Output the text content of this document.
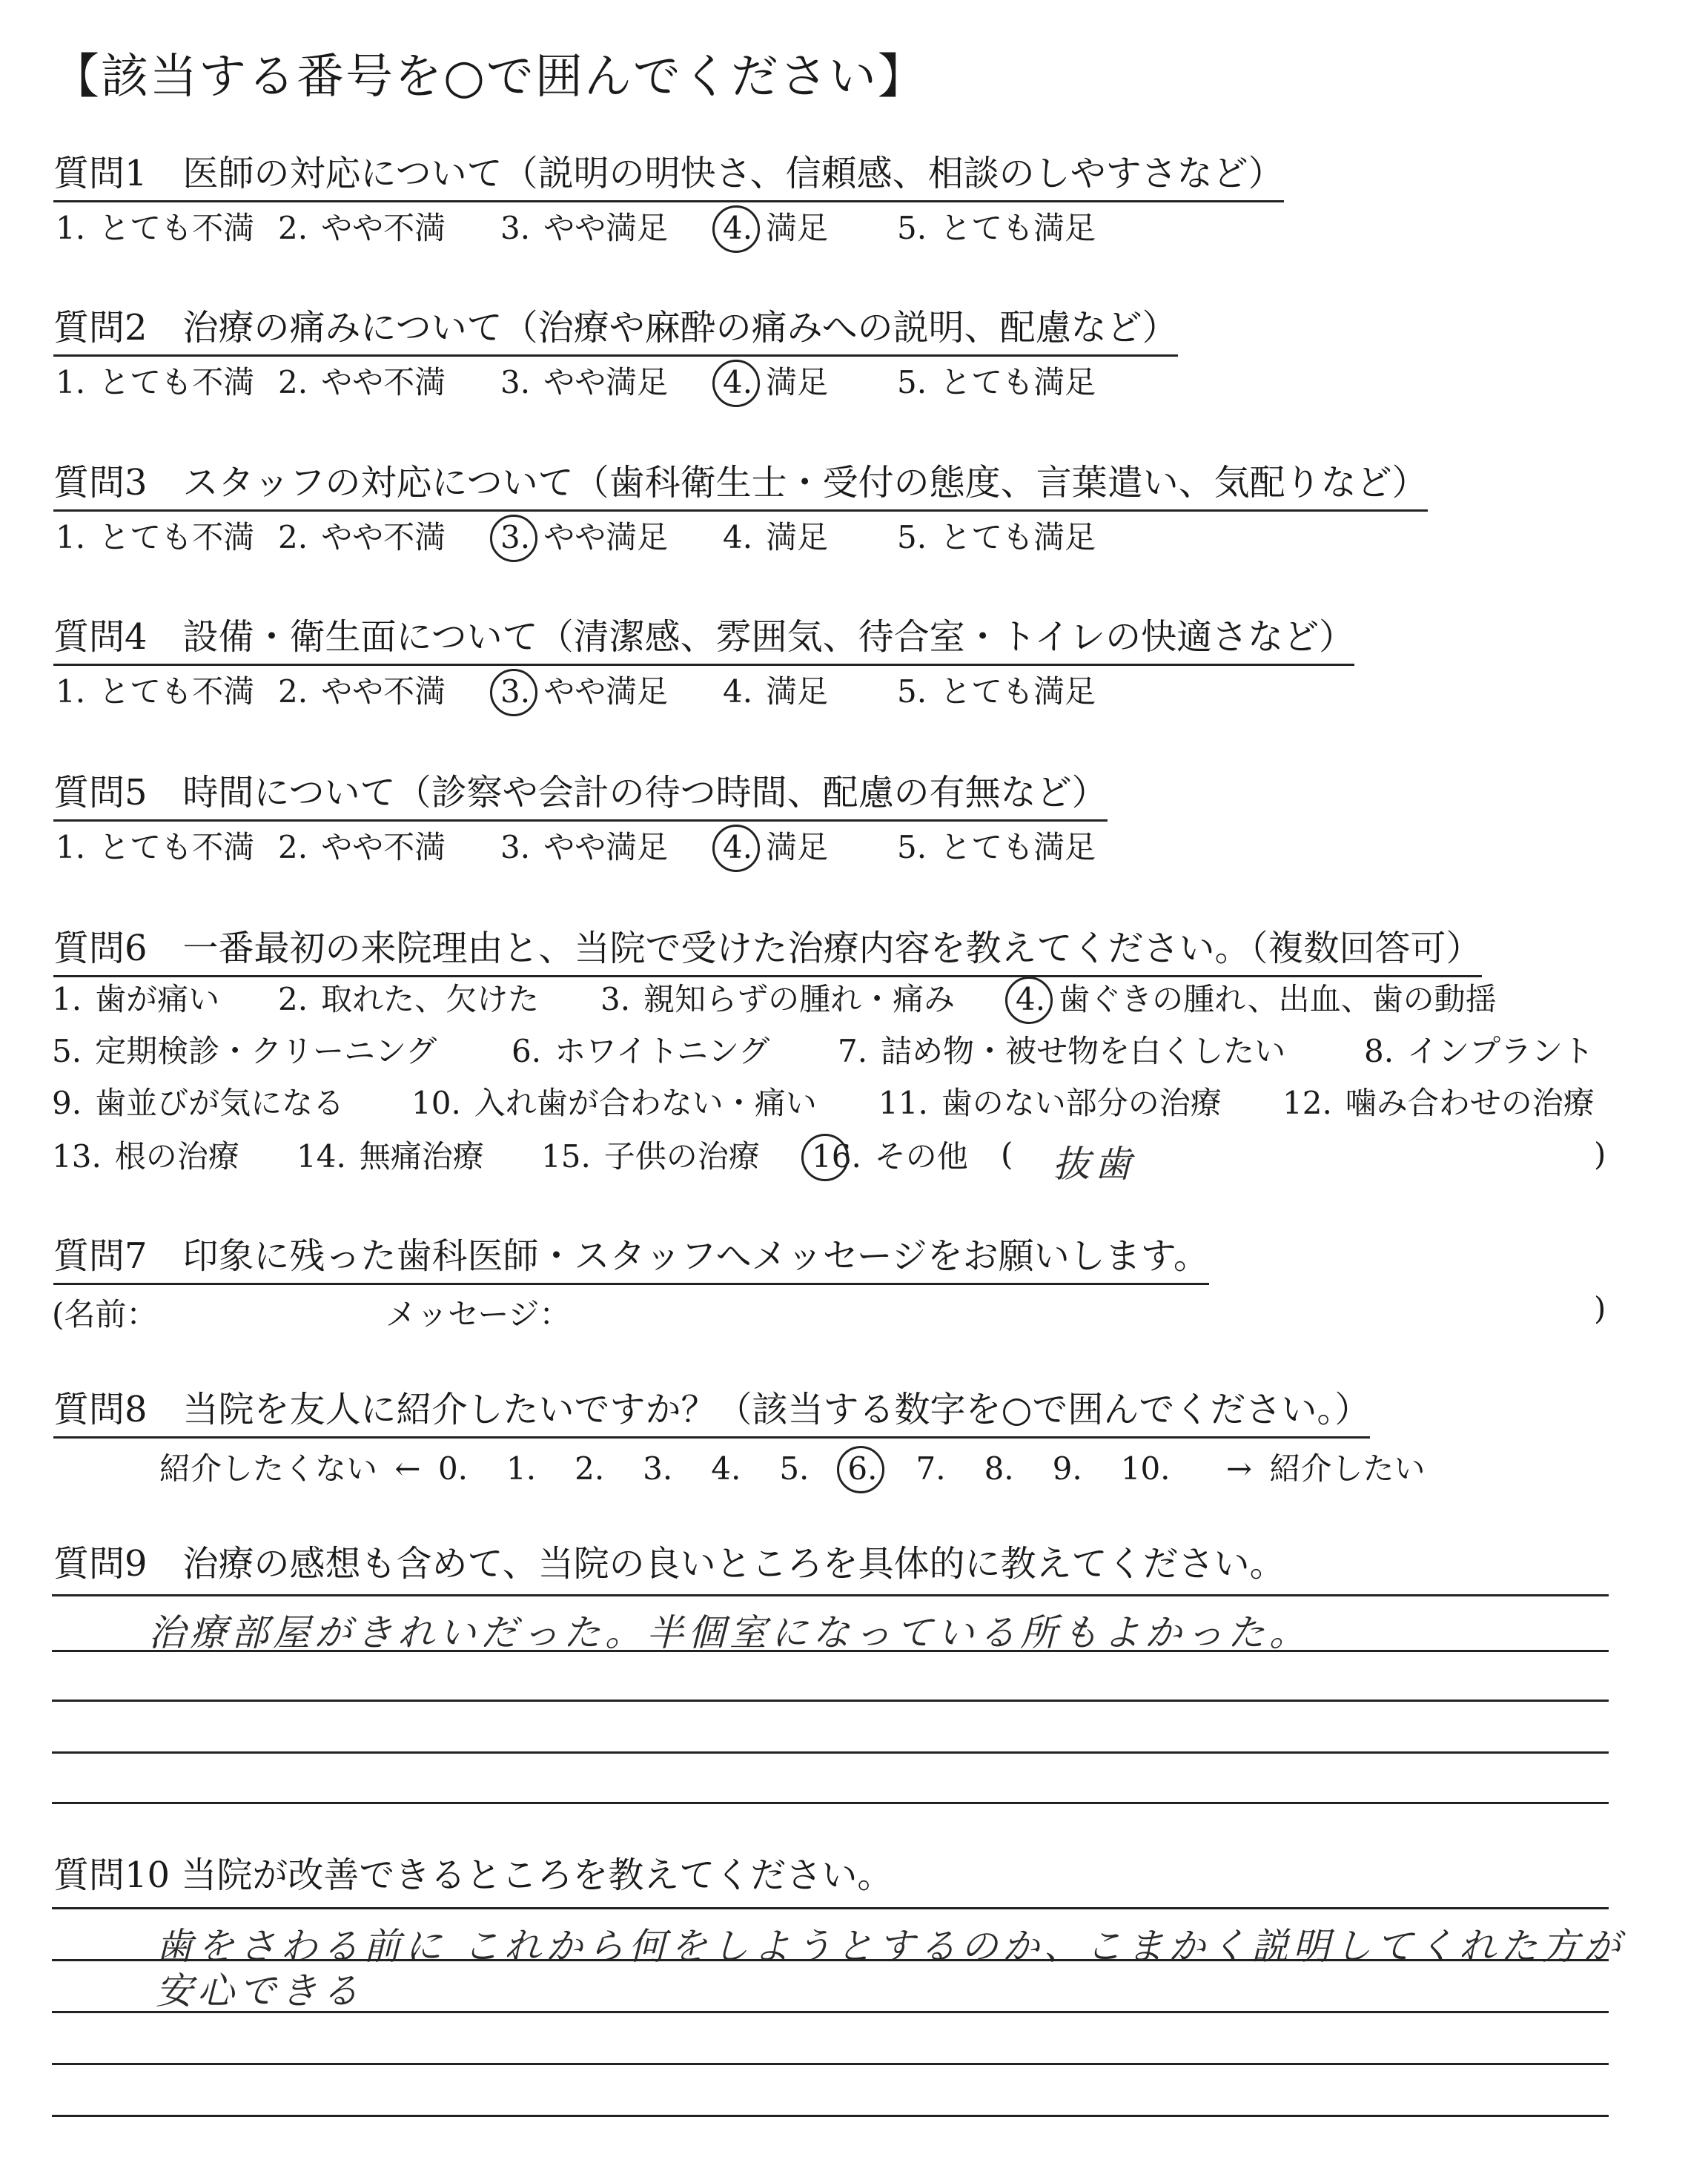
【該当する番号を○で囲んでください】
質問1　医師の対応について（説明の明快さ、信頼感、相談のしやすさなど）
1. とても不満 2. やや不満 3. やや満足 4. 満足 5. とても満足
質問2　治療の痛みについて（治療や麻酔の痛みへの説明、配慮など）
1. とても不満 2. やや不満 3. やや満足 4. 満足 5. とても満足
質問3　スタッフの対応について（歯科衛生士・受付の態度、言葉遣い、気配りなど）
1. とても不満 2. やや不満 3. やや満足 4. 満足 5. とても満足
質問4　設備・衛生面について（清潔感、雰囲気、待合室・トイレの快適さなど）
1. とても不満 2. やや不満 3. やや満足 4. 満足 5. とても満足
質問5　時間について（診察や会計の待つ時間、配慮の有無など）
1. とても不満 2. やや不満 3. やや満足 4. 満足 5. とても満足
質問6　一番最初の来院理由と、当院で受けた治療内容を教えてください。（複数回答可）
1. 歯が痛い 2. 取れた、欠けた 3. 親知らずの腫れ・痛み 4. 歯ぐきの腫れ、出血、歯の動揺
5. 定期検診・クリーニング 6. ホワイトニング 7. 詰め物・被せ物を白くしたい	8. インプラント
9. 歯並びが気になる 10. 入れ歯が合わない・痛い 11. 歯のない部分の治療 12. 噛み合わせの治療
13. 根の治療 14. 無痛治療 15. 子供の治療 16. その他 抜歯
(	)
質問7　印象に残った歯科医師・スタッフへメッセージをお願いします。
(名前：	メッセージ：	)
質問8　当院を友人に紹介したいですか？（該当する数字を○で囲んでください。）
紹介したくない ← 0. 1. 2. 3. 4. 5. 6. 7. 8. 9. 10. → 紹介したい
質問9　治療の感想も含めて、当院の良いところを具体的に教えてください。
治療部屋がきれいだった。半個室になっている所もよかった。
質問10 当院が改善できるところを教えてください。
歯をさわる前に これから何をしようとするのか、こまかく説明してくれた方が
安心できる
